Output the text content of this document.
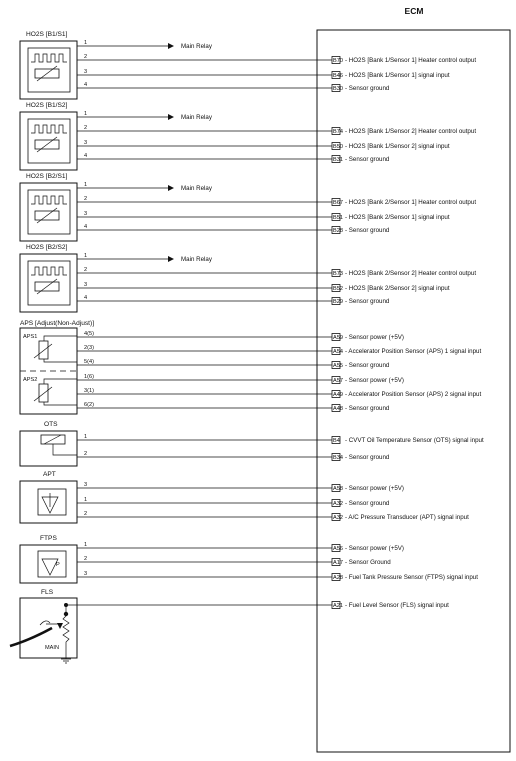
ECM
HO2S [B1/S1]
1	Main Relay
2
B70 - HO2S [Bank 1/Sensor 1] Heater control output
3
B46 - HO2S [Bank 1/Sensor 1] signal input
4
B30 - Sensor ground
HO2S [B1/S2]
1	Main Relay
2
B74 - HO2S [Bank 1/Sensor 2] Heater control output
3
B50 - HO2S [Bank 1/Sensor 2] signal input
4
B31 - Sensor ground
HO2S [B2/S1]
1	Main Relay
2
B67 - HO2S [Bank 2/Sensor 1] Heater control output
3
B51 - HO2S [Bank 2/Sensor 1] signal input
4
B28 - Sensor ground
HO2S [B2/S2]
1	Main Relay
2
B73 - HO2S [Bank 2/Sensor 2] Heater control output
3
B52 - HO2S [Bank 2/Sensor 2] signal input
4
B29 - Sensor ground
APS [Adjust(Non-Adjust)]
APS1
APS2
4(5)
A59 - Sensor power (+5V)
2(3)
A54 - Accelerator Position Sensor (APS) 1 signal input
5(4)
A55 - Sensor ground
1(6)
A57 - Sensor power (+5V)
3(1)
A49 - Accelerator Position Sensor (APS) 2 signal input
6(2)
A48 - Sensor ground
OTS
1
B4 - CVVT Oil Temperature Sensor (OTS) signal input
2
B34 - Sensor ground
APT
3
A58 - Sensor power (+5V)
1
A32 - Sensor ground
2
A32 - A/C Pressure Transducer (APT) signal input
FTPS
P
1
A56 - Sensor power (+5V)
2
A17 - Sensor Ground
3
A28 - Fuel Tank Pressure Sensor (FTPS) signal input
FLS
MAIN
A21 - Fuel Level Sensor (FLS) signal input
